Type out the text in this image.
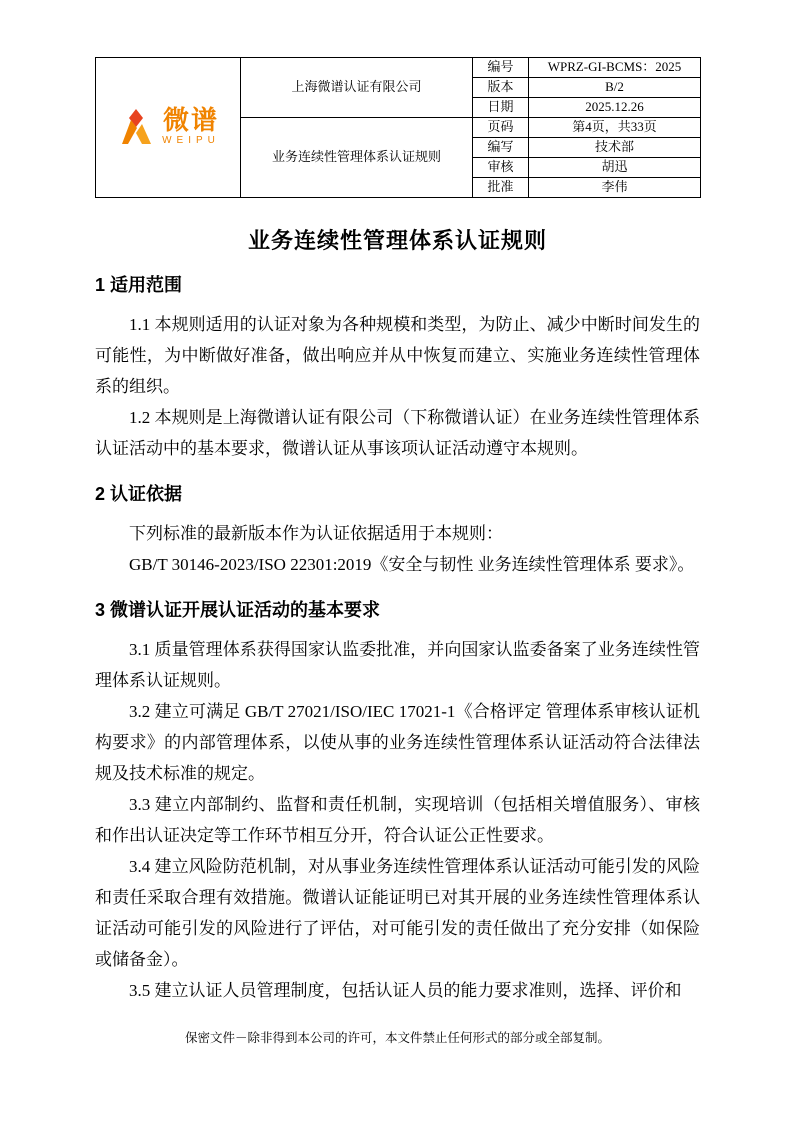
微谱
WEIPU	上海微谱认证有限公司	编号	WPRZ-GI-BCMS：2025
		版本	B/2
		日期	2025.12.26
	业务连续性管理体系认证规则	页码	第4页，共33页
		编写	技术部
		审核	胡迅
		批准	李伟
业务连续性管理体系认证规则
1 适用范围

1.1 本规则适用的认证对象为各种规模和类型，为防止、减少中断时间发生的可能性，为中断做好准备，做出响应并从中恢复而建立、实施业务连续性管理体系的组织。

1.2 本规则是上海微谱认证有限公司（下称微谱认证）在业务连续性管理体系认证活动中的基本要求，微谱认证从事该项认证活动遵守本规则。

2 认证依据

下列标准的最新版本作为认证依据适用于本规则：

GB/T 30146-2023/ISO 22301:2019《安全与韧性 业务连续性管理体系 要求》。

3 微谱认证开展认证活动的基本要求

3.1 质量管理体系获得国家认监委批准，并向国家认监委备案了业务连续性管理体系认证规则。

3.2 建立可满足 GB/T 27021/ISO/IEC 17021-1《合格评定 管理体系审核认证机构要求》的内部管理体系，以使从事的业务连续性管理体系认证活动符合法律法规及技术标准的规定。

3.3 建立内部制约、监督和责任机制，实现培训（包括相关增值服务）、审核和作出认证决定等工作环节相互分开，符合认证公正性要求。

3.4 建立风险防范机制，对从事业务连续性管理体系认证活动可能引发的风险和责任采取合理有效措施。微谱认证能证明已对其开展的业务连续性管理体系认证活动可能引发的风险进行了评估，对可能引发的责任做出了充分安排（如保险或储备金）。

3.5 建立认证人员管理制度，包括认证人员的能力要求准则，选择、评价和

保密文件－除非得到本公司的许可，本文件禁止任何形式的部分或全部复制。
